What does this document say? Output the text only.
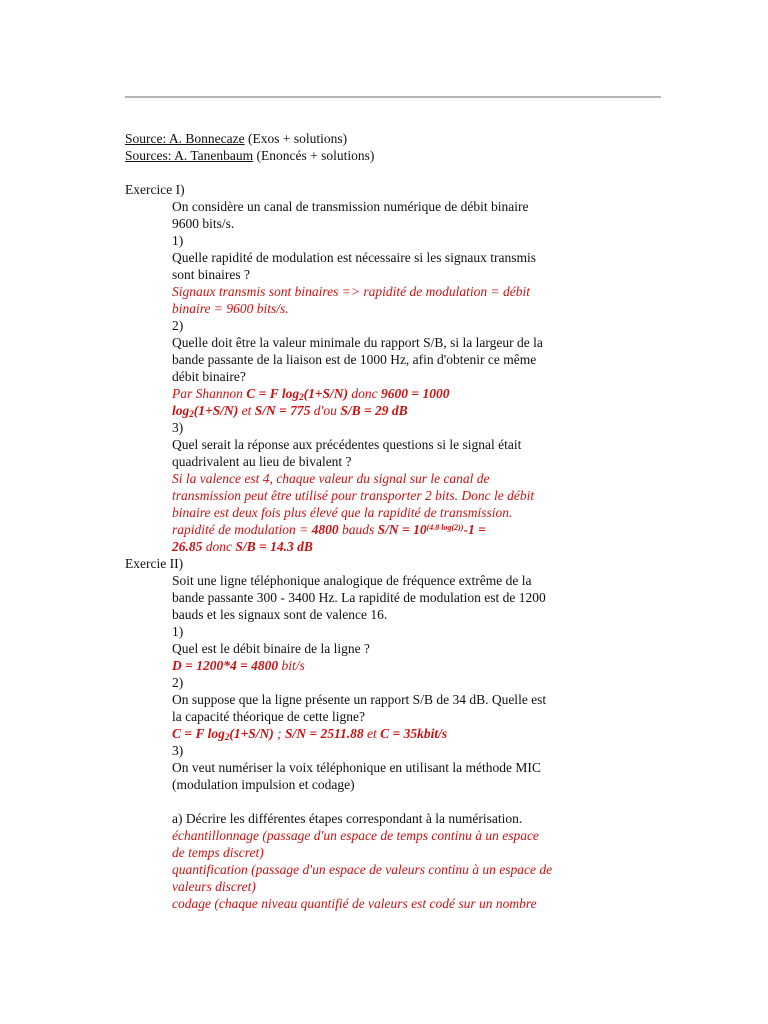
Source: A. Bonnecaze (Exos + solutions)
Sources: A. Tanenbaum (Enoncés + solutions)
Exercice I)
On considère un canal de transmission numérique de débit binaire
9600 bits/s.
1)
Quelle rapidité de modulation est nécessaire si les signaux transmis
sont binaires ?
Signaux transmis sont binaires => rapidité de modulation = débit
binaire = 9600 bits/s.
2)
Quelle doit être la valeur minimale du rapport S/B, si la largeur de la
bande passante de la liaison est de 1000 Hz, afin d'obtenir ce même
débit binaire?
Par Shannon C = F $\log_2(1+S/N)$ donc 9600 = 1000
$\log_2(1+S/N)$ et S/N = 775 d'ou S/B = 29 dB
3)
Quel serait la réponse aux précédentes questions si le signal était
quadrivalent au lieu de bivalent ?
Si la valence est 4, chaque valeur du signal sur le canal de
transmission peut être utilisé pour transporter 2 bits. Donc le débit
binaire est deux fois plus élevé que la rapidité de transmission.
rapidité de modulation = 4800 bauds $S/N = 10^{(4.8 log(2))}-1$ =
26.85 donc S/B = 14.3 dB
Exercie II)
Soit une ligne téléphonique analogique de fréquence extrême de la
bande passante 300 - 3400 Hz. La rapidité de modulation est de 1200
bauds et les signaux sont de valence 16.
1)
Quel est le débit binaire de la ligne ?
D = 1200*4 = 4800 bit/s
2)
On suppose que la ligne présente un rapport S/B de 34 dB. Quelle est
la capacité théorique de cette ligne?
C = F $\log_2(1+S/N)$ ; S/N = 2511.88 et C = 35kbit/s
3)
On veut numériser la voix téléphonique en utilisant la méthode MIC
(modulation impulsion et codage)
a) Décrire les différentes étapes correspondant à la numérisation.
échantillonnage (passage d'un espace de temps continu à un espace
de temps discret)
quantification (passage d'un espace de valeurs continu à un espace de
valeurs discret)
codage (chaque niveau quantifié de valeurs est codé sur un nombre
